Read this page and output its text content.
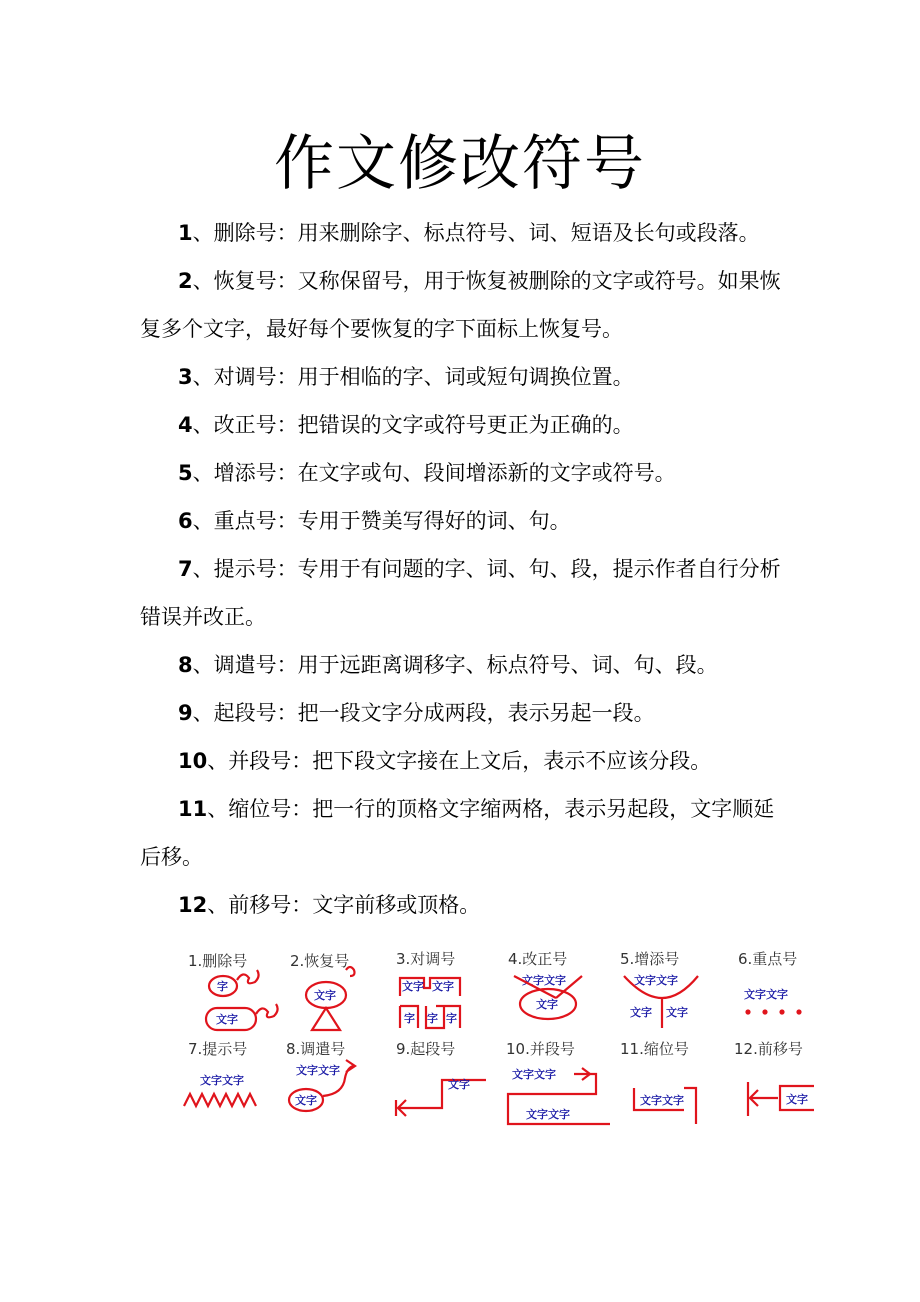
作文修改符号

1、删除号：用来删除字、标点符号、词、短语及长句或段落。

2、恢复号：又称保留号，用于恢复被删除的文字或符号。如果恢复多个文字，最好每个要恢复的字下面标上恢复号。

3、对调号：用于相临的字、词或短句调换位置。

4、改正号：把错误的文字或符号更正为正确的。

5、增添号：在文字或句、段间增添新的文字或符号。

6、重点号：专用于赞美写得好的词、句。

7、提示号：专用于有问题的字、词、句、段，提示作者自行分析错误并改正。

8、调遣号：用于远距离调移字、标点符号、词、句、段。

9、起段号：把一段文字分成两段，表示另起一段。

10、并段号：把下段文字接在上文后，表示不应该分段。

11、缩位号：把一行的顶格文字缩两格，表示另起段，文字顺延后移。

12、前移号：文字前移或顶格。

1.删除号	2.恢复号	3.对调号	4.改正号	5.增添号	6.重点号
字
文字
文字
文字 文字
字 字 字
文字文字
文字
文字文字
文字 文字
文字文字
7.提示号	8.调遣号	9.起段号	10.并段号	11.缩位号	12.前移号
文字文字
文字文字
文字
文字
文字文字
文字文字
文字文字	文字
